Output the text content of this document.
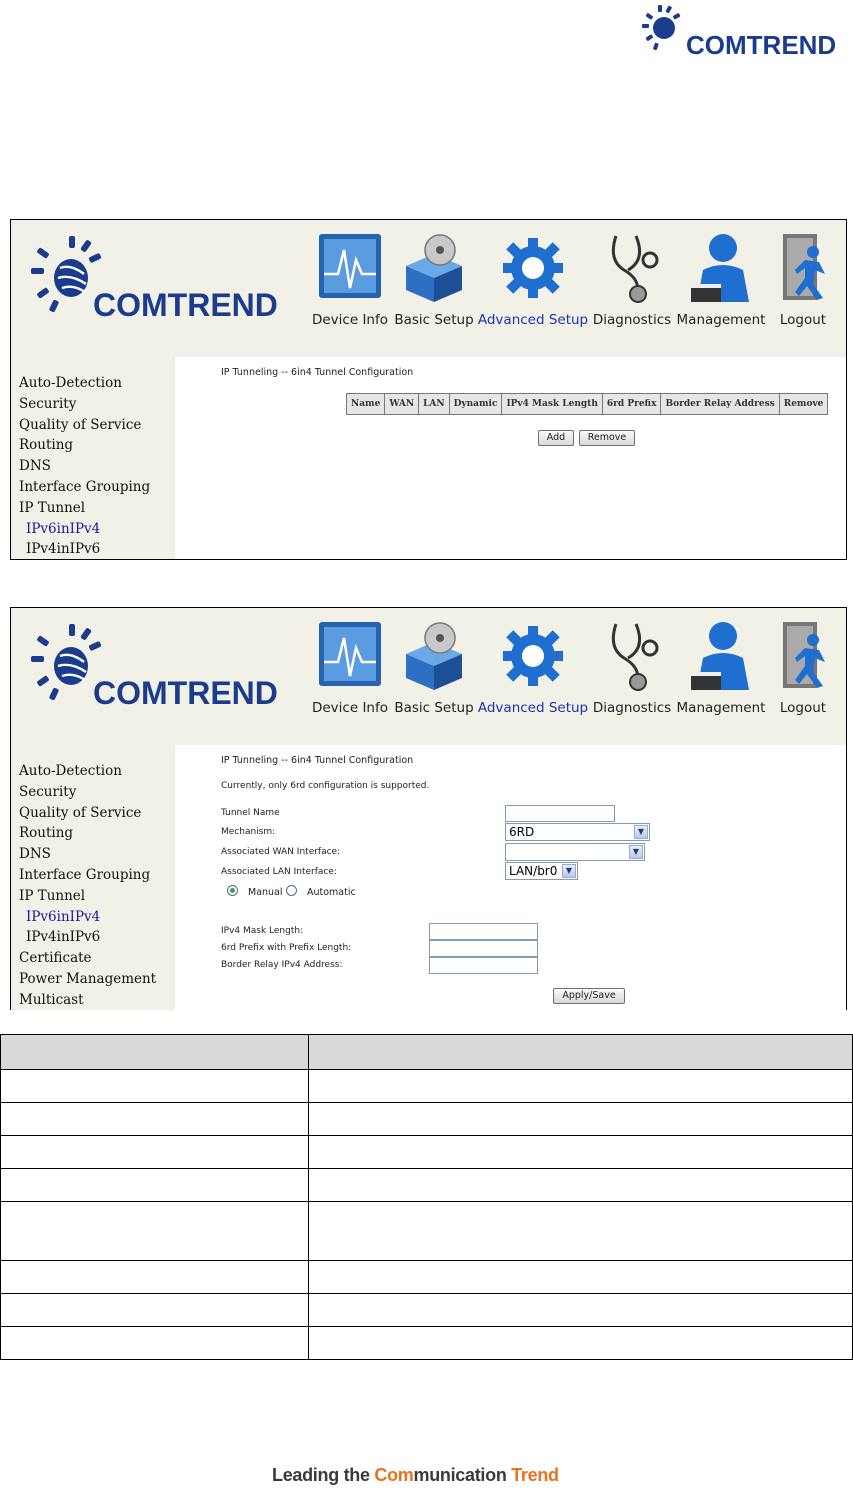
COMTREND
COMTREND	Device Info Basic Setup Advanced Setup Diagnostics Management	Logout
Auto-Detection
Security
Quality of Service
Routing
DNS
Interface Grouping
IP Tunnel
IPv6inIPv4
IPv4inIPv6
IP Tunneling -- 6in4 Tunnel Configuration
Name	WAN	LAN	Dynamic	IPv4 Mask Length	6rd Prefix	Border Relay Address	Remove
Add	Remove
COMTREND	Device Info Basic Setup Advanced Setup Diagnostics Management	Logout
Auto-Detection
Security
Quality of Service
Routing
DNS
Interface Grouping
IP Tunnel
IPv6inIPv4
IPv4inIPv6
Certificate
Power Management
Multicast
IP Tunneling -- 6in4 Tunnel Configuration
Currently, only 6rd configuration is supported.
Tunnel Name
Mechanism:	6RD	▼
Associated WAN Interface:	▼
Associated LAN Interface:	LAN/br0	▼
Manual	Automatic
IPv4 Mask Length:
6rd Prefix with Prefix Length:
Border Relay IPv4 Address:
Apply/Save

Leading the Communication Trend
